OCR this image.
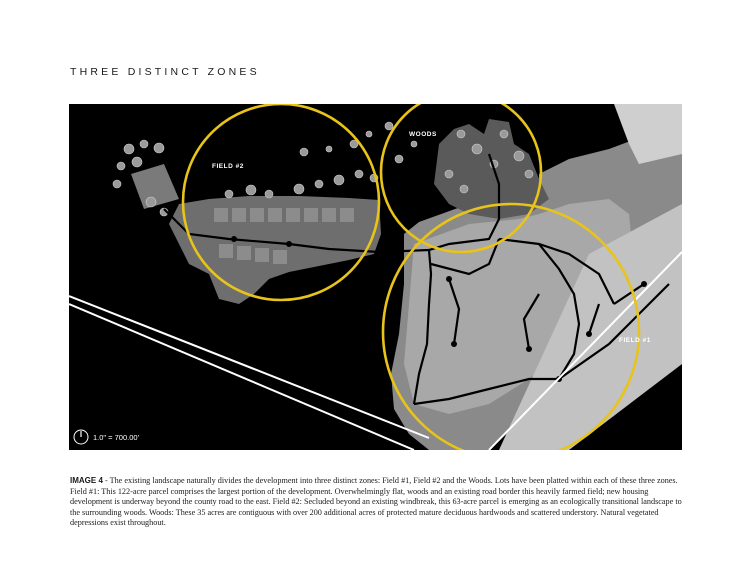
THREE DISTINCT ZONES
FIELD #2
WOODS
FIELD #1
1.0" = 700.00'
IMAGE 4 - The existing landscape naturally divides the development into three distinct zones: Field #1, Field #2 and the Woods. Lots have been platted within each of these three zones. Field #1: This 122-acre parcel comprises the largest portion of the development. Overwhelmingly flat, woods and an existing road border this heavily farmed field; new housing development is underway beyond the county road to the east. Field #2: Secluded beyond an existing windbreak, this 63-acre parcel is emerging as an ecologically transitional landscape to the surrounding woods. Woods: These 35 acres are contiguous with over 200 additional acres of protected mature deciduous hardwoods and scattered understory. Natural vegetated depressions exist throughout.
